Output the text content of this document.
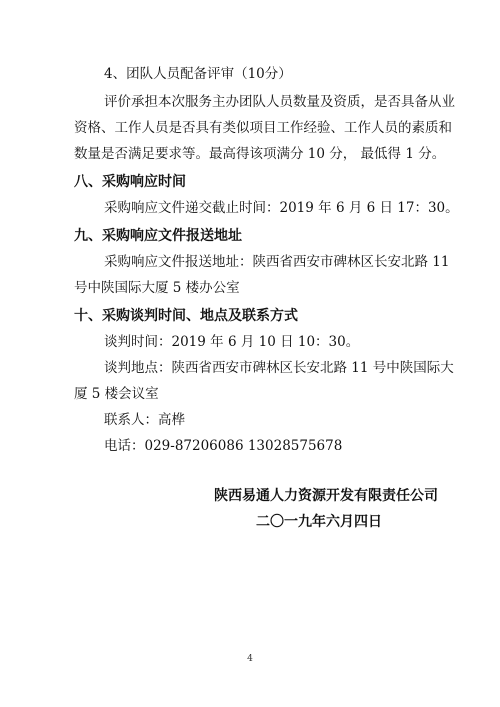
4、团队人员配备评审（10分）
评价承担本次服务主办团队人员数量及资质，是否具备从业
资格、工作人员是否具有类似项目工作经验、工作人员的素质和
数量是否满足要求等。最高得该项满分 10 分， 最低得 1 分。
八、采购响应时间
采购响应文件递交截止时间：2019 年 6 月 6 日 17：30。
九、采购响应文件报送地址
采购响应文件报送地址：陕西省西安市碑林区长安北路 11
号中陕国际大厦 5 楼办公室
十、采购谈判时间、地点及联系方式
谈判时间：2019 年 6 月 10 日 10：30。
谈判地点：陕西省西安市碑林区长安北路 11 号中陕国际大
厦 5 楼会议室
联系人：高桦
电话：029-87206086 13028575678
陕西易通人力资源开发有限责任公司
二〇一九年六月四日
4
